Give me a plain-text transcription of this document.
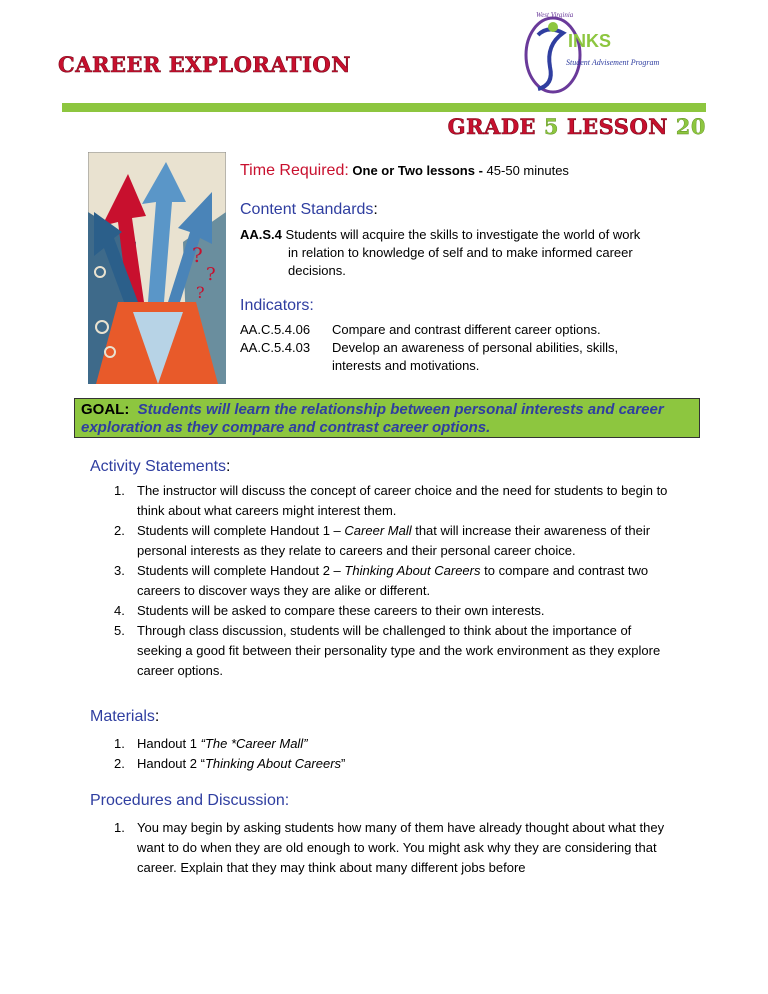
CAREER EXPLORATION
West Virginia
INKS
Student Advisement Program
GRADE 5 LESSON 20
?
?
?
Time Required: One or Two lessons - 45-50 minutes
Content Standards:
AA.S.4 Students will acquire the skills to investigate the world of work
in relation to knowledge of self and to make informed career decisions.
Indicators:
AA.C.5.4.06	Compare and contrast different career options.
AA.C.5.4.03	Develop an awareness of personal abilities, skills, interests and motivations.
GOAL: Students will learn the relationship between personal interests and career exploration as they compare and contrast career options.
Activity Statements:
1. The instructor will discuss the concept of career choice and the need for students to begin to think about what careers might interest them.
2. Students will complete Handout 1 – Career Mall that will increase their awareness of their personal interests as they relate to careers and their personal career choice.
3. Students will complete Handout 2 – Thinking About Careers to compare and contrast two careers to discover ways they are alike or different.
4. Students will be asked to compare these careers to their own interests.
5. Through class discussion, students will be challenged to think about the importance of seeking a good fit between their personality type and the work environment as they explore career options.
Materials:
1. Handout 1 “The *Career Mall”
2. Handout 2 “Thinking About Careers”
Procedures and Discussion:
1. You may begin by asking students how many of them have already thought about what they want to do when they are old enough to work. You might ask why they are considering that career. Explain that they may think about many different jobs before
